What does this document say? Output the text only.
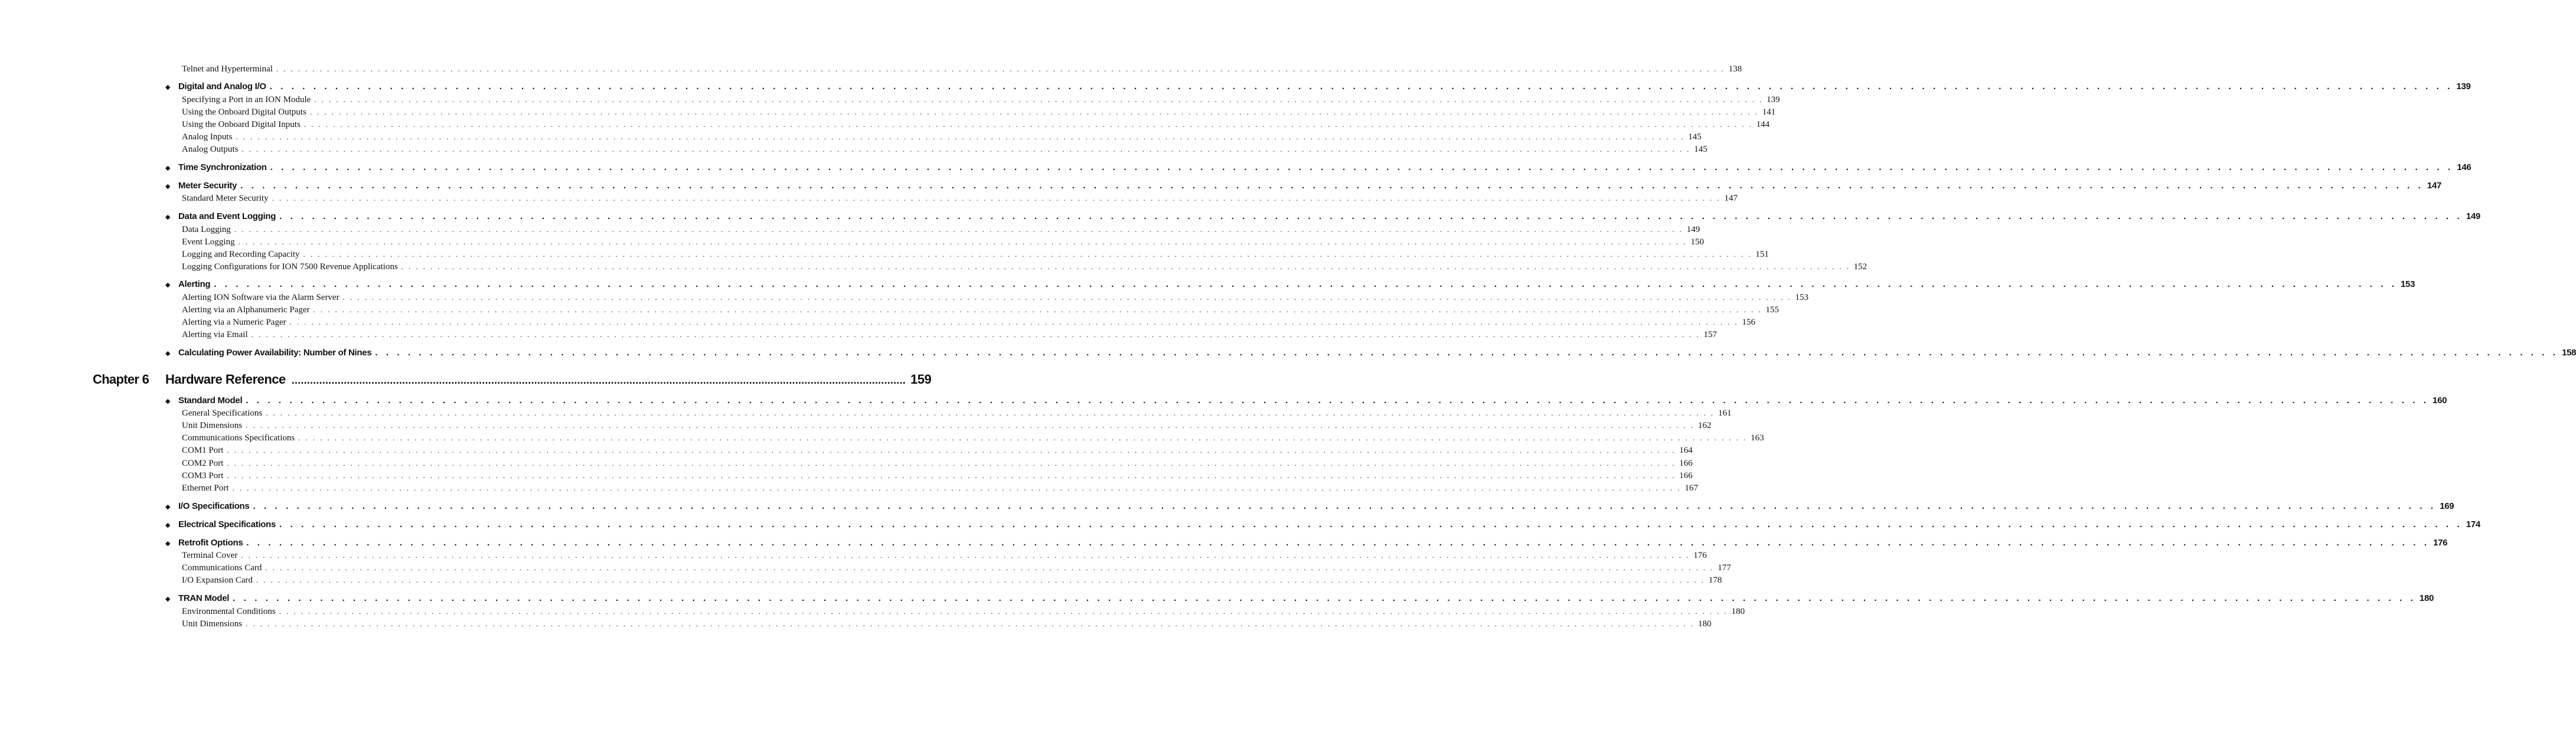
Telnet and Hyperterminal . . . . . . . . . . . . . . . . . . . . . . . . . . . . . . . . . . . . . . . . . . . . . . . . . . . . . . . . . . . . . . . . . . . . . . . . . . . . . . . . . . . . . . . . . . . . . . . . . . . . . . . . . . . . . . . . . . . . . . . . . . . . . . . . . . . . . . . . . . . . . . . . . . . . . . . . . . . . . . . . . . . . . . . . . . . . . . . . . . . . . . . . . . . . . . . . . . . . . . . . 138
◆ Digital and Analog I/O . . . . . . . . . . . . . . . . . . . . . . . . . . . . . . . . . . . . . . . . . . . . . . . . . . . . . . . . . . . . . . . . . . . . . . . . . . . . . . . . . . . . . . . . . . . . . . . . . . . . . . . . . . . . . . . . . . . . . . . . . . . . . . . . . . . . . . . . . . . . . . . . . . . . . . . . . . . . . . . . . . . . . . . . . . . . . . . . . . . . . . . . . . . . . . . . . . . . . . . . 139
Specifying a Port in an ION Module . . . . . . . . . . . . . . . . . . . . . . . . . . . . . . . . . . . . . . . . . . . . . . . . . . . . . . . . . . . . . . . . . . . . . . . . . . . . . . . . . . . . . . . . . . . . . . . . . . . . . . . . . . . . . . . . . . . . . . . . . . . . . . . . . . . . . . . . . . . . . . . . . . . . . . . . . . . . . . . . . . . . . . . . . . . . . . . . . . . . . . . . . . . . . . . . . . . . . . . . 139
Using the Onboard Digital Outputs . . . . . . . . . . . . . . . . . . . . . . . . . . . . . . . . . . . . . . . . . . . . . . . . . . . . . . . . . . . . . . . . . . . . . . . . . . . . . . . . . . . . . . . . . . . . . . . . . . . . . . . . . . . . . . . . . . . . . . . . . . . . . . . . . . . . . . . . . . . . . . . . . . . . . . . . . . . . . . . . . . . . . . . . . . . . . . . . . . . . . . . . . . . . . . . . . . . . . . . . 141
Using the Onboard Digital Inputs . . . . . . . . . . . . . . . . . . . . . . . . . . . . . . . . . . . . . . . . . . . . . . . . . . . . . . . . . . . . . . . . . . . . . . . . . . . . . . . . . . . . . . . . . . . . . . . . . . . . . . . . . . . . . . . . . . . . . . . . . . . . . . . . . . . . . . . . . . . . . . . . . . . . . . . . . . . . . . . . . . . . . . . . . . . . . . . . . . . . . . . . . . . . . . . . . . . . . . . . 144
Analog Inputs . . . . . . . . . . . . . . . . . . . . . . . . . . . . . . . . . . . . . . . . . . . . . . . . . . . . . . . . . . . . . . . . . . . . . . . . . . . . . . . . . . . . . . . . . . . . . . . . . . . . . . . . . . . . . . . . . . . . . . . . . . . . . . . . . . . . . . . . . . . . . . . . . . . . . . . . . . . . . . . . . . . . . . . . . . . . . . . . . . . . . . . . . . . . . . . . . . . . . . . . 145
Analog Outputs . . . . . . . . . . . . . . . . . . . . . . . . . . . . . . . . . . . . . . . . . . . . . . . . . . . . . . . . . . . . . . . . . . . . . . . . . . . . . . . . . . . . . . . . . . . . . . . . . . . . . . . . . . . . . . . . . . . . . . . . . . . . . . . . . . . . . . . . . . . . . . . . . . . . . . . . . . . . . . . . . . . . . . . . . . . . . . . . . . . . . . . . . . . . . . . . . . . . . . . . 145
◆ Time Synchronization . . . . . . . . . . . . . . . . . . . . . . . . . . . . . . . . . . . . . . . . . . . . . . . . . . . . . . . . . . . . . . . . . . . . . . . . . . . . . . . . . . . . . . . . . . . . . . . . . . . . . . . . . . . . . . . . . . . . . . . . . . . . . . . . . . . . . . . . . . . . . . . . . . . . . . . . . . . . . . . . . . . . . . . . . . . . . . . . . . . . . . . . . . . . . . . . . . . . . . . . 146
◆ Meter Security . . . . . . . . . . . . . . . . . . . . . . . . . . . . . . . . . . . . . . . . . . . . . . . . . . . . . . . . . . . . . . . . . . . . . . . . . . . . . . . . . . . . . . . . . . . . . . . . . . . . . . . . . . . . . . . . . . . . . . . . . . . . . . . . . . . . . . . . . . . . . . . . . . . . . . . . . . . . . . . . . . . . . . . . . . . . . . . . . . . . . . . . . . . . . . . . . . . . . . . . 147
Standard Meter Security . . . . . . . . . . . . . . . . . . . . . . . . . . . . . . . . . . . . . . . . . . . . . . . . . . . . . . . . . . . . . . . . . . . . . . . . . . . . . . . . . . . . . . . . . . . . . . . . . . . . . . . . . . . . . . . . . . . . . . . . . . . . . . . . . . . . . . . . . . . . . . . . . . . . . . . . . . . . . . . . . . . . . . . . . . . . . . . . . . . . . . . . . . . . . . . . . . . . . . . . 147
◆ Data and Event Logging . . . . . . . . . . . . . . . . . . . . . . . . . . . . . . . . . . . . . . . . . . . . . . . . . . . . . . . . . . . . . . . . . . . . . . . . . . . . . . . . . . . . . . . . . . . . . . . . . . . . . . . . . . . . . . . . . . . . . . . . . . . . . . . . . . . . . . . . . . . . . . . . . . . . . . . . . . . . . . . . . . . . . . . . . . . . . . . . . . . . . . . . . . . . . . . . . . . . . . . . 149
Data Logging . . . . . . . . . . . . . . . . . . . . . . . . . . . . . . . . . . . . . . . . . . . . . . . . . . . . . . . . . . . . . . . . . . . . . . . . . . . . . . . . . . . . . . . . . . . . . . . . . . . . . . . . . . . . . . . . . . . . . . . . . . . . . . . . . . . . . . . . . . . . . . . . . . . . . . . . . . . . . . . . . . . . . . . . . . . . . . . . . . . . . . . . . . . . . . . . . . . . . . . . 149
Event Logging . . . . . . . . . . . . . . . . . . . . . . . . . . . . . . . . . . . . . . . . . . . . . . . . . . . . . . . . . . . . . . . . . . . . . . . . . . . . . . . . . . . . . . . . . . . . . . . . . . . . . . . . . . . . . . . . . . . . . . . . . . . . . . . . . . . . . . . . . . . . . . . . . . . . . . . . . . . . . . . . . . . . . . . . . . . . . . . . . . . . . . . . . . . . . . . . . . . . . . . . 150
Logging and Recording Capacity . . . . . . . . . . . . . . . . . . . . . . . . . . . . . . . . . . . . . . . . . . . . . . . . . . . . . . . . . . . . . . . . . . . . . . . . . . . . . . . . . . . . . . . . . . . . . . . . . . . . . . . . . . . . . . . . . . . . . . . . . . . . . . . . . . . . . . . . . . . . . . . . . . . . . . . . . . . . . . . . . . . . . . . . . . . . . . . . . . . . . . . . . . . . . . . . . . . . . . . . 151
Logging Configurations for ION 7500 Revenue Applications . . . . . . . . . . . . . . . . . . . . . . . . . . . . . . . . . . . . . . . . . . . . . . . . . . . . . . . . . . . . . . . . . . . . . . . . . . . . . . . . . . . . . . . . . . . . . . . . . . . . . . . . . . . . . . . . . . . . . . . . . . . . . . . . . . . . . . . . . . . . . . . . . . . . . . . . . . . . . . . . . . . . . . . . . . . . . . . . . . . . . . . . . . . . . . . . . . . . . . . . 152
◆ Alerting . . . . . . . . . . . . . . . . . . . . . . . . . . . . . . . . . . . . . . . . . . . . . . . . . . . . . . . . . . . . . . . . . . . . . . . . . . . . . . . . . . . . . . . . . . . . . . . . . . . . . . . . . . . . . . . . . . . . . . . . . . . . . . . . . . . . . . . . . . . . . . . . . . . . . . . . . . . . . . . . . . . . . . . . . . . . . . . . . . . . . . . . . . . . . . . . . . . . . . . . 153
Alerting ION Software via the Alarm Server . . . . . . . . . . . . . . . . . . . . . . . . . . . . . . . . . . . . . . . . . . . . . . . . . . . . . . . . . . . . . . . . . . . . . . . . . . . . . . . . . . . . . . . . . . . . . . . . . . . . . . . . . . . . . . . . . . . . . . . . . . . . . . . . . . . . . . . . . . . . . . . . . . . . . . . . . . . . . . . . . . . . . . . . . . . . . . . . . . . . . . . . . . . . . . . . . . . . . . . . 153
Alerting via an Alphanumeric Pager . . . . . . . . . . . . . . . . . . . . . . . . . . . . . . . . . . . . . . . . . . . . . . . . . . . . . . . . . . . . . . . . . . . . . . . . . . . . . . . . . . . . . . . . . . . . . . . . . . . . . . . . . . . . . . . . . . . . . . . . . . . . . . . . . . . . . . . . . . . . . . . . . . . . . . . . . . . . . . . . . . . . . . . . . . . . . . . . . . . . . . . . . . . . . . . . . . . . . . . . 155
Alerting via a Numeric Pager . . . . . . . . . . . . . . . . . . . . . . . . . . . . . . . . . . . . . . . . . . . . . . . . . . . . . . . . . . . . . . . . . . . . . . . . . . . . . . . . . . . . . . . . . . . . . . . . . . . . . . . . . . . . . . . . . . . . . . . . . . . . . . . . . . . . . . . . . . . . . . . . . . . . . . . . . . . . . . . . . . . . . . . . . . . . . . . . . . . . . . . . . . . . . . . . . . . . . . . . 156
Alerting via Email . . . . . . . . . . . . . . . . . . . . . . . . . . . . . . . . . . . . . . . . . . . . . . . . . . . . . . . . . . . . . . . . . . . . . . . . . . . . . . . . . . . . . . . . . . . . . . . . . . . . . . . . . . . . . . . . . . . . . . . . . . . . . . . . . . . . . . . . . . . . . . . . . . . . . . . . . . . . . . . . . . . . . . . . . . . . . . . . . . . . . . . . . . . . . . . . . . . . . . . . 157
◆ Calculating Power Availability: Number of Nines . . . . . . . . . . . . . . . . . . . . . . . . . . . . . . . . . . . . . . . . . . . . . . . . . . . . . . . . . . . . . . . . . . . . . . . . . . . . . . . . . . . . . . . . . . . . . . . . . . . . . . . . . . . . . . . . . . . . . . . . . . . . . . . . . . . . . . . . . . . . . . . . . . . . . . . . . . . . . . . . . . . . . . . . . . . . . . . . . . . . . . . . . . . . . . . . . . . . . . . . 158
Chapter 6 Hardware Reference ........................................................................................................................................................................................................ 159
◆ Standard Model . . . . . . . . . . . . . . . . . . . . . . . . . . . . . . . . . . . . . . . . . . . . . . . . . . . . . . . . . . . . . . . . . . . . . . . . . . . . . . . . . . . . . . . . . . . . . . . . . . . . . . . . . . . . . . . . . . . . . . . . . . . . . . . . . . . . . . . . . . . . . . . . . . . . . . . . . . . . . . . . . . . . . . . . . . . . . . . . . . . . . . . . . . . . . . . . . . . . . . . . 160
General Specifications . . . . . . . . . . . . . . . . . . . . . . . . . . . . . . . . . . . . . . . . . . . . . . . . . . . . . . . . . . . . . . . . . . . . . . . . . . . . . . . . . . . . . . . . . . . . . . . . . . . . . . . . . . . . . . . . . . . . . . . . . . . . . . . . . . . . . . . . . . . . . . . . . . . . . . . . . . . . . . . . . . . . . . . . . . . . . . . . . . . . . . . . . . . . . . . . . . . . . . . . 161
Unit Dimensions . . . . . . . . . . . . . . . . . . . . . . . . . . . . . . . . . . . . . . . . . . . . . . . . . . . . . . . . . . . . . . . . . . . . . . . . . . . . . . . . . . . . . . . . . . . . . . . . . . . . . . . . . . . . . . . . . . . . . . . . . . . . . . . . . . . . . . . . . . . . . . . . . . . . . . . . . . . . . . . . . . . . . . . . . . . . . . . . . . . . . . . . . . . . . . . . . . . . . . . . 162
Communications Specifications . . . . . . . . . . . . . . . . . . . . . . . . . . . . . . . . . . . . . . . . . . . . . . . . . . . . . . . . . . . . . . . . . . . . . . . . . . . . . . . . . . . . . . . . . . . . . . . . . . . . . . . . . . . . . . . . . . . . . . . . . . . . . . . . . . . . . . . . . . . . . . . . . . . . . . . . . . . . . . . . . . . . . . . . . . . . . . . . . . . . . . . . . . . . . . . . . . . . . . . . 163
COM1 Port . . . . . . . . . . . . . . . . . . . . . . . . . . . . . . . . . . . . . . . . . . . . . . . . . . . . . . . . . . . . . . . . . . . . . . . . . . . . . . . . . . . . . . . . . . . . . . . . . . . . . . . . . . . . . . . . . . . . . . . . . . . . . . . . . . . . . . . . . . . . . . . . . . . . . . . . . . . . . . . . . . . . . . . . . . . . . . . . . . . . . . . . . . . . . . . . . . . . . . . . 164
COM2 Port . . . . . . . . . . . . . . . . . . . . . . . . . . . . . . . . . . . . . . . . . . . . . . . . . . . . . . . . . . . . . . . . . . . . . . . . . . . . . . . . . . . . . . . . . . . . . . . . . . . . . . . . . . . . . . . . . . . . . . . . . . . . . . . . . . . . . . . . . . . . . . . . . . . . . . . . . . . . . . . . . . . . . . . . . . . . . . . . . . . . . . . . . . . . . . . . . . . . . . . . 166
COM3 Port . . . . . . . . . . . . . . . . . . . . . . . . . . . . . . . . . . . . . . . . . . . . . . . . . . . . . . . . . . . . . . . . . . . . . . . . . . . . . . . . . . . . . . . . . . . . . . . . . . . . . . . . . . . . . . . . . . . . . . . . . . . . . . . . . . . . . . . . . . . . . . . . . . . . . . . . . . . . . . . . . . . . . . . . . . . . . . . . . . . . . . . . . . . . . . . . . . . . . . . . 166
Ethernet Port . . . . . . . . . . . . . . . . . . . . . . . . . . . . . . . . . . . . . . . . . . . . . . . . . . . . . . . . . . . . . . . . . . . . . . . . . . . . . . . . . . . . . . . . . . . . . . . . . . . . . . . . . . . . . . . . . . . . . . . . . . . . . . . . . . . . . . . . . . . . . . . . . . . . . . . . . . . . . . . . . . . . . . . . . . . . . . . . . . . . . . . . . . . . . . . . . . . . . . . . 167
◆ I/O Specifications . . . . . . . . . . . . . . . . . . . . . . . . . . . . . . . . . . . . . . . . . . . . . . . . . . . . . . . . . . . . . . . . . . . . . . . . . . . . . . . . . . . . . . . . . . . . . . . . . . . . . . . . . . . . . . . . . . . . . . . . . . . . . . . . . . . . . . . . . . . . . . . . . . . . . . . . . . . . . . . . . . . . . . . . . . . . . . . . . . . . . . . . . . . . . . . . . . . . . . . . 169
◆ Electrical Specifications . . . . . . . . . . . . . . . . . . . . . . . . . . . . . . . . . . . . . . . . . . . . . . . . . . . . . . . . . . . . . . . . . . . . . . . . . . . . . . . . . . . . . . . . . . . . . . . . . . . . . . . . . . . . . . . . . . . . . . . . . . . . . . . . . . . . . . . . . . . . . . . . . . . . . . . . . . . . . . . . . . . . . . . . . . . . . . . . . . . . . . . . . . . . . . . . . . . . . . . . 174
◆ Retrofit Options . . . . . . . . . . . . . . . . . . . . . . . . . . . . . . . . . . . . . . . . . . . . . . . . . . . . . . . . . . . . . . . . . . . . . . . . . . . . . . . . . . . . . . . . . . . . . . . . . . . . . . . . . . . . . . . . . . . . . . . . . . . . . . . . . . . . . . . . . . . . . . . . . . . . . . . . . . . . . . . . . . . . . . . . . . . . . . . . . . . . . . . . . . . . . . . . . . . . . . . . 176
Terminal Cover . . . . . . . . . . . . . . . . . . . . . . . . . . . . . . . . . . . . . . . . . . . . . . . . . . . . . . . . . . . . . . . . . . . . . . . . . . . . . . . . . . . . . . . . . . . . . . . . . . . . . . . . . . . . . . . . . . . . . . . . . . . . . . . . . . . . . . . . . . . . . . . . . . . . . . . . . . . . . . . . . . . . . . . . . . . . . . . . . . . . . . . . . . . . . . . . . . . . . . . . 176
Communications Card . . . . . . . . . . . . . . . . . . . . . . . . . . . . . . . . . . . . . . . . . . . . . . . . . . . . . . . . . . . . . . . . . . . . . . . . . . . . . . . . . . . . . . . . . . . . . . . . . . . . . . . . . . . . . . . . . . . . . . . . . . . . . . . . . . . . . . . . . . . . . . . . . . . . . . . . . . . . . . . . . . . . . . . . . . . . . . . . . . . . . . . . . . . . . . . . . . . . . . . . 177
I/O Expansion Card . . . . . . . . . . . . . . . . . . . . . . . . . . . . . . . . . . . . . . . . . . . . . . . . . . . . . . . . . . . . . . . . . . . . . . . . . . . . . . . . . . . . . . . . . . . . . . . . . . . . . . . . . . . . . . . . . . . . . . . . . . . . . . . . . . . . . . . . . . . . . . . . . . . . . . . . . . . . . . . . . . . . . . . . . . . . . . . . . . . . . . . . . . . . . . . . . . . . . . . . 178
◆ TRAN Model . . . . . . . . . . . . . . . . . . . . . . . . . . . . . . . . . . . . . . . . . . . . . . . . . . . . . . . . . . . . . . . . . . . . . . . . . . . . . . . . . . . . . . . . . . . . . . . . . . . . . . . . . . . . . . . . . . . . . . . . . . . . . . . . . . . . . . . . . . . . . . . . . . . . . . . . . . . . . . . . . . . . . . . . . . . . . . . . . . . . . . . . . . . . . . . . . . . . . . . . 180
Environmental Conditions . . . . . . . . . . . . . . . . . . . . . . . . . . . . . . . . . . . . . . . . . . . . . . . . . . . . . . . . . . . . . . . . . . . . . . . . . . . . . . . . . . . . . . . . . . . . . . . . . . . . . . . . . . . . . . . . . . . . . . . . . . . . . . . . . . . . . . . . . . . . . . . . . . . . . . . . . . . . . . . . . . . . . . . . . . . . . . . . . . . . . . . . . . . . . . . . . . . . . . . . 180
Unit Dimensions . . . . . . . . . . . . . . . . . . . . . . . . . . . . . . . . . . . . . . . . . . . . . . . . . . . . . . . . . . . . . . . . . . . . . . . . . . . . . . . . . . . . . . . . . . . . . . . . . . . . . . . . . . . . . . . . . . . . . . . . . . . . . . . . . . . . . . . . . . . . . . . . . . . . . . . . . . . . . . . . . . . . . . . . . . . . . . . . . . . . . . . . . . . . . . . . . . . . . . . . 180
